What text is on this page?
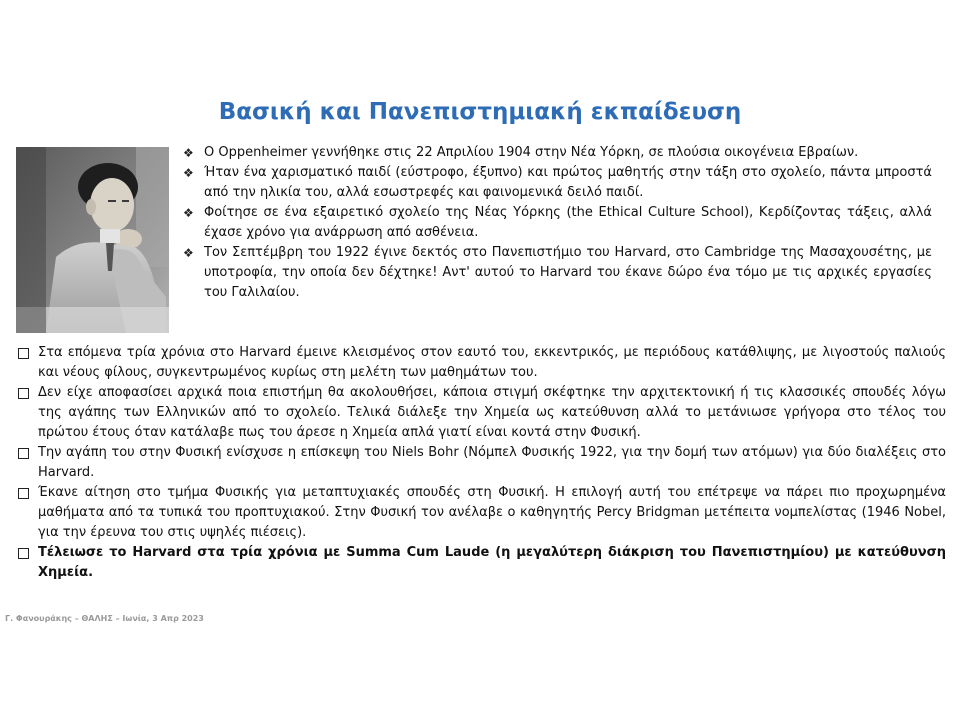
Βασική και Πανεπιστημιακή εκπαίδευση
❖ Ο Oppenheimer γεννήθηκε στις 22 Απριλίου 1904 στην Νέα Υόρκη, σε πλούσια οικογένεια Εβραίων.
❖ Ήταν ένα χαρισματικό παιδί (εύστροφο, έξυπνο) και πρώτος μαθητής στην τάξη στο σχολείο, πάντα μπροστά από την ηλικία του, αλλά εσωστρεφές και φαινομενικά δειλό παιδί.
❖ Φοίτησε σε ένα εξαιρετικό σχολείο της Νέας Υόρκης (the Ethical Culture School), Κερδίζοντας τάξεις, αλλά έχασε χρόνο για ανάρρωση από ασθένεια.
❖ Τον Σεπτέμβρη του 1922 έγινε δεκτός στο Πανεπιστήμιο του Harvard, στο Cambridge της Μασαχουσέτης, με υποτροφία, την οποία δεν δέχτηκε! Αντ' αυτού το Harvard του έκανε δώρο ένα τόμο με τις αρχικές εργασίες του Γαλιλαίου.
Στα επόμενα τρία χρόνια στο Harvard έμεινε κλεισμένος στον εαυτό του, εκκεντρικός, με περιόδους κατάθλιψης, με λιγοστούς παλιούς και νέους φίλους, συγκεντρωμένος κυρίως στη μελέτη των μαθημάτων του.
Δεν είχε αποφασίσει αρχικά ποια επιστήμη θα ακολουθήσει, κάποια στιγμή σκέφτηκε την αρχιτεκτονική ή τις κλασσικές σπουδές λόγω της αγάπης των Ελληνικών από το σχολείο. Τελικά διάλεξε την Χημεία ως κατεύθυνση αλλά το μετάνιωσε γρήγορα στο τέλος του πρώτου έτους όταν κατάλαβε πως του άρεσε η Χημεία απλά γιατί είναι κοντά στην Φυσική.
Την αγάπη του στην Φυσική ενίσχυσε η επίσκεψη του Niels Bohr (Νόμπελ Φυσικής 1922, για την δομή των ατόμων) για δύο διαλέξεις στο Harvard.
Έκανε αίτηση στο τμήμα Φυσικής για μεταπτυχιακές σπουδές στη Φυσική. Η επιλογή αυτή του επέτρεψε να πάρει πιο προχωρημένα μαθήματα από τα τυπικά του προπτυχιακού. Στην Φυσική τον ανέλαβε ο καθηγητής Percy Bridgman μετέπειτα νομπελίστας (1946 Nobel, για την έρευνα του στις υψηλές πιέσεις).
Τέλειωσε το Harvard στα τρία χρόνια με Summa Cum Laude (η μεγαλύτερη διάκριση του Πανεπιστημίου) με κατεύθυνση Χημεία.
Γ. Φανουράκης – ΘΑΛΗΣ – Ιωνία, 3 Απρ 2023
